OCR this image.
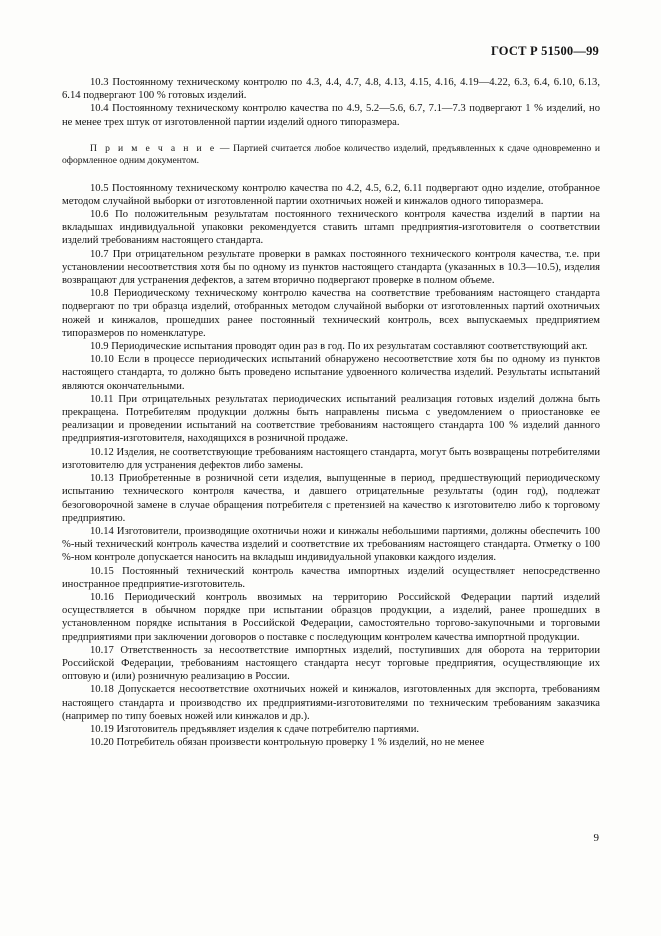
ГОСТ Р 51500—99

10.3 Постоянному техническому контролю по 4.3, 4.4, 4.7, 4.8, 4.13, 4.15, 4.16, 4.19—4.22, 6.3, 6.4, 6.10, 6.13, 6.14 подвергают 100 % готовых изделий.

10.4 Постоянному техническому контролю качества по 4.9, 5.2—5.6, 6.7, 7.1—7.3 подвергают 1 % изделий, но не менее трех штук от изготовленной партии изделий одного типоразмера.

П р и м е ч а н и е — Партией считается любое количество изделий, предъявленных к сдаче одновременно и оформленное одним документом.

10.5 Постоянному техническому контролю качества по 4.2, 4.5, 6.2, 6.11 подвергают одно изделие, отобранное методом случайной выборки от изготовленной партии охотничьих ножей и кинжалов одного типоразмера.

10.6 По положительным результатам постоянного технического контроля качества изделий в партии на вкладышах индивидуальной упаковки рекомендуется ставить штамп предприятия-изготовителя о соответствии изделий требованиям настоящего стандарта.

10.7 При отрицательном результате проверки в рамках постоянного технического контроля качества, т.е. при установлении несоответствия хотя бы по одному из пунктов настоящего стандарта (указанных в 10.3—10.5), изделия возвращают для устранения дефектов, а затем вторично подвергают проверке в полном объеме.

10.8 Периодическому техническому контролю качества на соответствие требованиям настоящего стандарта подвергают по три образца изделий, отобранных методом случайной выборки от изготовленных партий охотничьих ножей и кинжалов, прошедших ранее постоянный технический контроль, всех выпускаемых предприятием типоразмеров по номенклатуре.

10.9 Периодические испытания проводят один раз в год. По их результатам составляют соответствующий акт.

10.10 Если в процессе периодических испытаний обнаружено несоответствие хотя бы по одному из пунктов настоящего стандарта, то должно быть проведено испытание удвоенного количества изделий. Результаты испытаний являются окончательными.

10.11 При отрицательных результатах периодических испытаний реализация готовых изделий должна быть прекращена. Потребителям продукции должны быть направлены письма с уведомлением о приостановке ее реализации и проведении испытаний на соответствие требованиям настоящего стандарта 100 % изделий данного предприятия-изготовителя, находящихся в розничной продаже.

10.12 Изделия, не соответствующие требованиям настоящего стандарта, могут быть возвращены потребителями изготовителю для устранения дефектов либо замены.

10.13 Приобретенные в розничной сети изделия, выпущенные в период, предшествующий периодическому испытанию технического контроля качества, и давшего отрицательные результаты (один год), подлежат безоговорочной замене в случае обращения потребителя с претензией на качество к изготовителю либо к торговому предприятию.

10.14 Изготовители, производящие охотничьи ножи и кинжалы небольшими партиями, должны обеспечить 100 %-ный технический контроль качества изделий и соответствие их требованиям настоящего стандарта. Отметку о 100 %-ном контроле допускается наносить на вкладыш индивидуальной упаковки каждого изделия.

10.15 Постоянный технический контроль качества импортных изделий осуществляет непосредственно иностранное предприятие-изготовитель.

10.16 Периодический контроль ввозимых на территорию Российской Федерации партий изделий осуществляется в обычном порядке при испытании образцов продукции, а изделий, ранее прошедших в установленном порядке испытания в Российской Федерации, самостоятельно торгово-закупочными и торговыми предприятиями при заключении договоров о поставке с последующим контролем качества импортной продукции.

10.17 Ответственность за несоответствие импортных изделий, поступивших для оборота на территории Российской Федерации, требованиям настоящего стандарта несут торговые предприятия, осуществляющие их оптовую и (или) розничную реализацию в России.

10.18 Допускается несоответствие охотничьих ножей и кинжалов, изготовленных для экспорта, требованиям настоящего стандарта и производство их предприятиями-изготовителями по техническим требованиям заказчика (например по типу боевых ножей или кинжалов и др.).

10.19 Изготовитель предъявляет изделия к сдаче потребителю партиями.

10.20 Потребитель обязан произвести контрольную проверку 1 % изделий, но не менее

9
